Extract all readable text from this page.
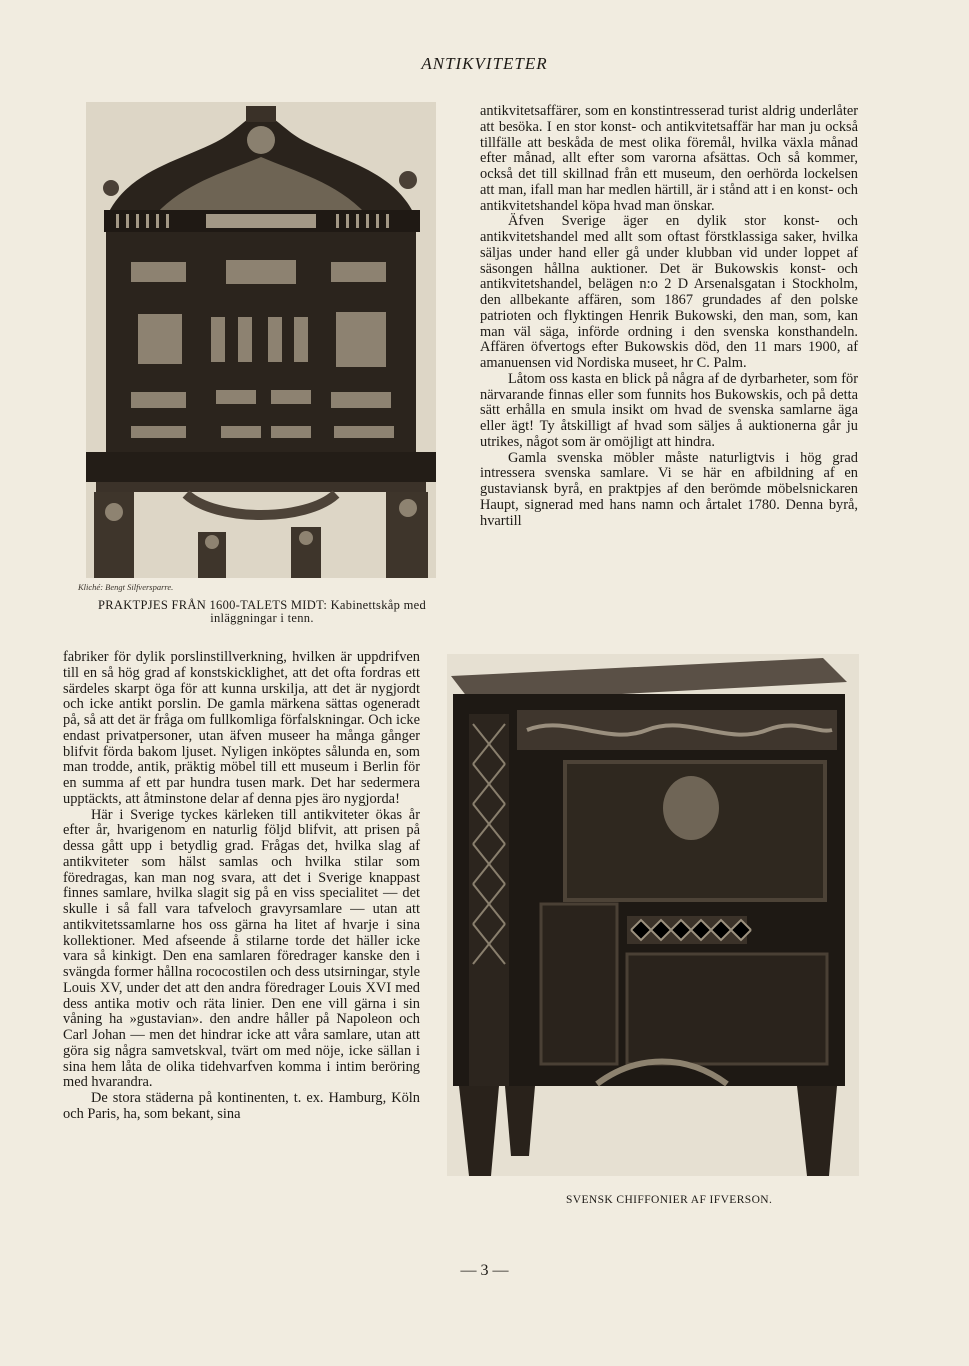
ANTIKVITETER
Kliché: Bengt Silfversparre.
PRAKTPJES FRÅN 1600-TALETS MIDT: Kabinettskåp med inläggningar i tenn.

antikvitetsaffärer, som en konstintresserad turist aldrig underlåter att besöka. I en stor konst- och antikvitetsaffär har man ju också tillfälle att beskåda de mest olika föremål, hvilka växla månad efter månad, allt efter som varorna afsättas. Och så kommer, också det till skillnad från ett museum, den oerhörda lockelsen att man, ifall man har medlen härtill, är i stånd att i en konst- och antikvitetshandel köpa hvad man önskar.

Äfven Sverige äger en dylik stor konst- och antikvitetshandel med allt som oftast förstklassiga saker, hvilka säljas under hand eller gå under klubban vid under loppet af säsongen hållna auktioner. Det är Bukowskis konst- och antikvitetshandel, belägen n:o 2 D Arsenalsgatan i Stockholm, den allbekante affären, som 1867 grundades af den polske patrioten och flyktingen Henrik Bukowski, den man, som, kan man väl säga, införde ordning i den svenska konsthandeln. Affären öfvertogs efter Bukowskis död, den 11 mars 1900, af amanuensen vid Nordiska museet, hr C. Palm.

Låtom oss kasta en blick på några af de dyrbarheter, som för närvarande finnas eller som funnits hos Bukowskis, och på detta sätt erhålla en smula insikt om hvad de svenska samlarne äga eller ägt! Ty åtskilligt af hvad som säljes å auktionerna går ju utrikes, något som är omöjligt att hindra.

Gamla svenska möbler måste naturligtvis i hög grad intressera svenska samlare. Vi se här en afbildning af en gustaviansk byrå, en praktpjes af den berömde möbelsnickaren Haupt, signerad med hans namn och årtalet 1780. Denna byrå, hvartill

fabriker för dylik porslinstillverkning, hvilken är uppdrifven till en så hög grad af konstskicklighet, att det ofta fordras ett särdeles skarpt öga för att kunna urskilja, att det är nygjordt och icke antikt porslin. De gamla märkena sättas ogeneradt på, så att det är fråga om fullkomliga förfalskningar. Och icke endast privatpersoner, utan äfven museer ha många gånger blifvit förda bakom ljuset. Nyligen inköptes sålunda en, som man trodde, antik, präktig möbel till ett museum i Berlin för en summa af ett par hundra tusen mark. Det har sedermera upptäckts, att åtminstone delar af denna pjes äro nygjorda!

Här i Sverige tyckes kärleken till antikviteter ökas år efter år, hvarigenom en naturlig följd blifvit, att prisen på dessa gått upp i betydlig grad. Frågas det, hvilka slag af antikviteter som hälst samlas och hvilka stilar som föredragas, kan man nog svara, att det i Sverige knappast finnes samlare, hvilka slagit sig på en viss specialitet — det skulle i så fall vara tafveloch gravyrsamlare — utan att antikvitetssamlarne hos oss gärna ha litet af hvarje i sina kollektioner. Med afseende å stilarne torde det häller icke vara så kinkigt. Den ena samlaren föredrager kanske den i svängda former hållna rococostilen och dess utsirningar, style Louis XV, under det att den andra föredrager Louis XVI med dess antika motiv och räta linier. Den ene vill gärna i sin våning ha »gustavian». den andre håller på Napoleon och Carl Johan — men det hindrar icke att våra samlare, utan att göra sig några samvetskval, tvärt om med nöje, icke sällan i sina hem låta de olika tidehvarfven komma i intim beröring med hvarandra.

De stora städerna på kontinenten, t. ex. Hamburg, Köln och Paris, ha, som bekant, sina

SVENSK CHIFFONIER AF IFVERSON.
— 3 —
